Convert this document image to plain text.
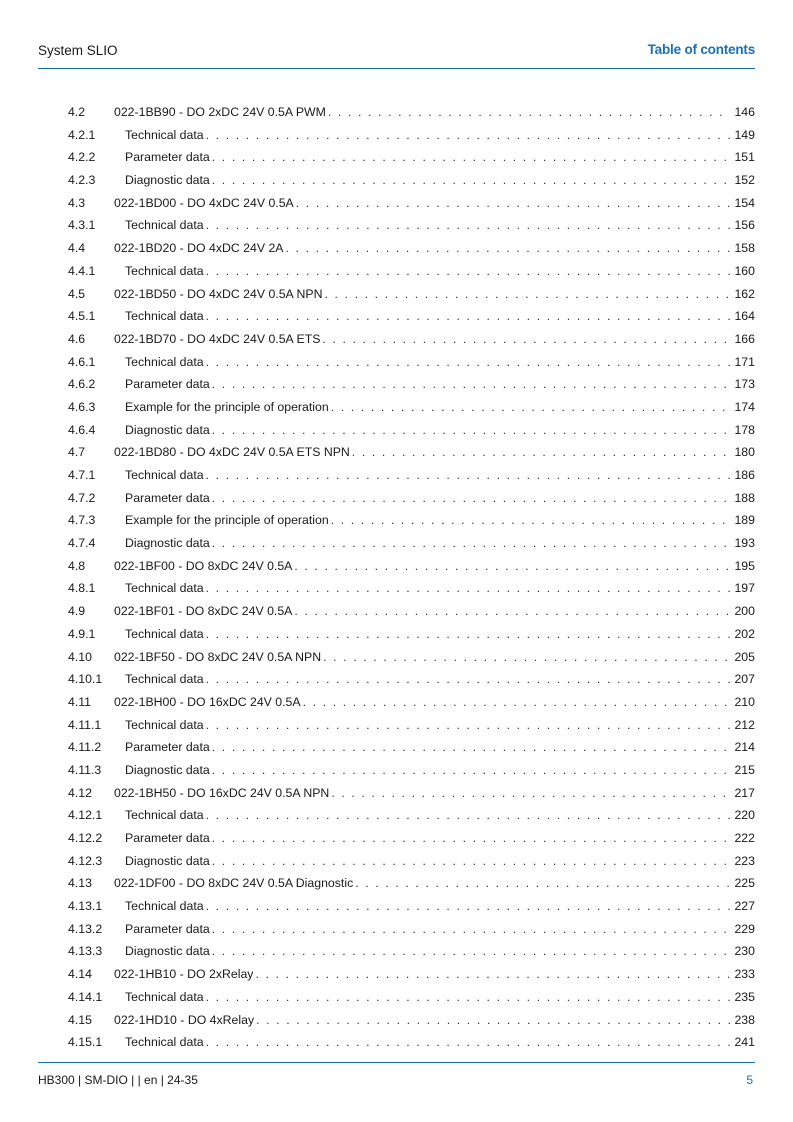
System SLIO	Table of contents
4.2	022-1BB90 - DO 2xDC 24V 0.5A PWM . . .	146
4.2.1	Technical data . . .	149
4.2.2	Parameter data . . .	151
4.2.3	Diagnostic data . . .	152
4.3	022-1BD00 - DO 4xDC 24V 0.5A . . .	154
4.3.1	Technical data . . .	156
4.4	022-1BD20 - DO 4xDC 24V 2A . . .	158
4.4.1	Technical data . . .	160
4.5	022-1BD50 - DO 4xDC 24V 0.5A NPN . . .	162
4.5.1	Technical data . . .	164
4.6	022-1BD70 - DO 4xDC 24V 0.5A ETS . . .	166
4.6.1	Technical data . . .	171
4.6.2	Parameter data . . .	173
4.6.3	Example for the principle of operation . . .	174
4.6.4	Diagnostic data . . .	178
4.7	022-1BD80 - DO 4xDC 24V 0.5A ETS NPN . . .	180
4.7.1	Technical data . . .	186
4.7.2	Parameter data . . .	188
4.7.3	Example for the principle of operation . . .	189
4.7.4	Diagnostic data . . .	193
4.8	022-1BF00 - DO 8xDC 24V 0.5A . . .	195
4.8.1	Technical data . . .	197
4.9	022-1BF01 - DO 8xDC 24V 0.5A . . .	200
4.9.1	Technical data . . .	202
4.10	022-1BF50 - DO 8xDC 24V 0.5A NPN . . .	205
4.10.1	Technical data . . .	207
4.11	022-1BH00 - DO 16xDC 24V 0.5A . . .	210
4.11.1	Technical data . . .	212
4.11.2	Parameter data . . .	214
4.11.3	Diagnostic data . . .	215
4.12	022-1BH50 - DO 16xDC 24V 0.5A NPN . . .	217
4.12.1	Technical data . . .	220
4.12.2	Parameter data . . .	222
4.12.3	Diagnostic data . . .	223
4.13	022-1DF00 - DO 8xDC 24V 0.5A Diagnostic . . .	225
4.13.1	Technical data . . .	227
4.13.2	Parameter data . . .	229
4.13.3	Diagnostic data . . .	230
4.14	022-1HB10 - DO 2xRelay . . .	233
4.14.1	Technical data . . .	235
4.15	022-1HD10 - DO 4xRelay . . .	238
4.15.1	Technical data . . .	241
HB300 | SM-DIO | | en | 24-35	5
